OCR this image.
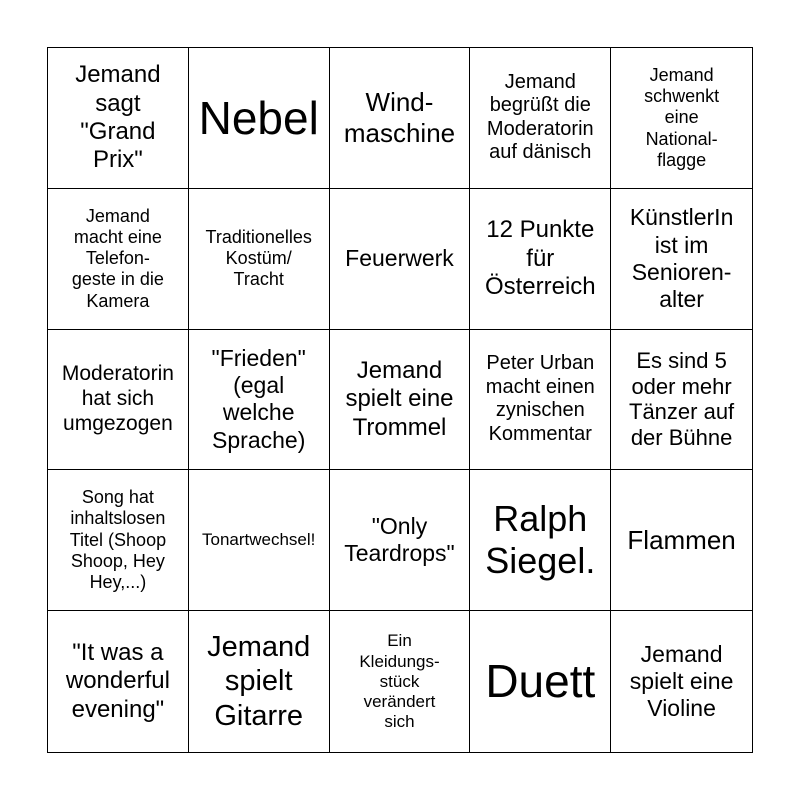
Jemand
sagt
"Grand
Prix"
Nebel	Wind-
maschine
Jemand
begrüßt die
Moderatorin
auf dänisch
Jemand
schwenkt
eine
National-
flagge
Jemand
macht eine
Telefon-
geste in die
Kamera
Traditionelles
Kostüm/
Tracht
Feuerwerk
12 Punkte
für
Österreich
KünstlerIn
ist im
Senioren-
alter
Moderatorin
hat sich
umgezogen
"Frieden"
(egal
welche
Sprache)
Jemand
spielt eine
Trommel
Peter Urban
macht einen
zynischen
Kommentar
Es sind 5
oder mehr
Tänzer auf
der Bühne
Song hat
inhaltslosen
Titel (Shoop
Shoop, Hey
Hey,...)
Tonartwechsel!
"Only
Teardrops"
Ralph
Siegel.
Flammen
"It was a
wonderful
evening"
Jemand
spielt
Gitarre
Ein
Kleidungs-
stück
verändert
sich
Duett
Jemand
spielt eine
Violine
